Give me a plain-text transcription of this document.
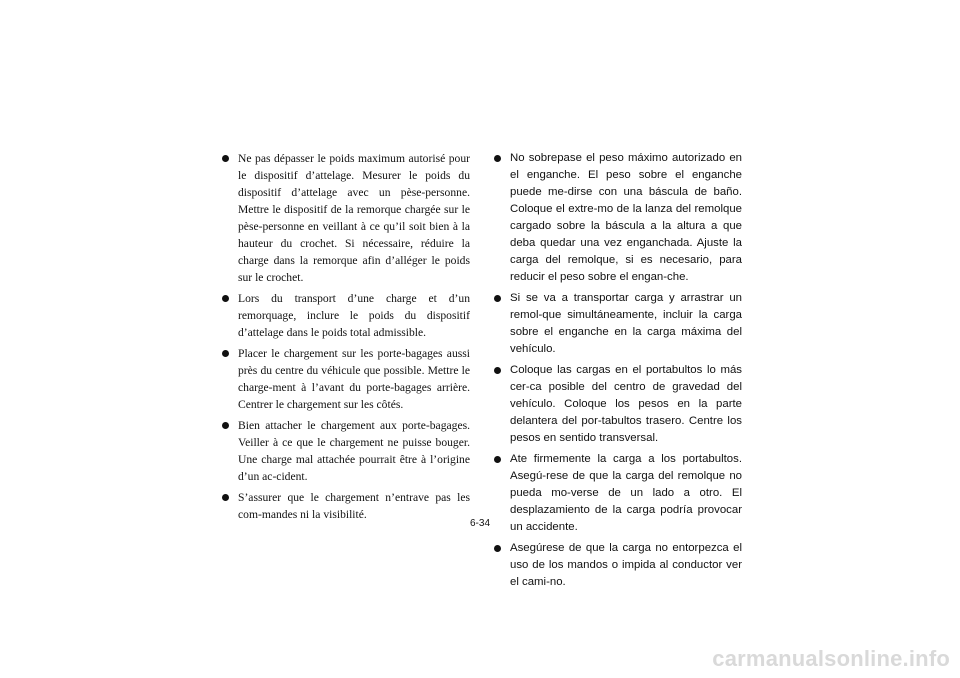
Ne pas dépasser le poids maximum autorisé pour le dispositif d’attelage. Mesurer le poids du dispositif d’attelage avec un pèse-personne. Mettre le dispositif de la remorque chargée sur le pèse-personne en veillant à ce qu’il soit bien à la hauteur du crochet. Si nécessaire, réduire la charge dans la remorque afin d’alléger le poids sur le crochet.
Lors du transport d’une charge et d’un remorquage, inclure le poids du dispositif d’attelage dans le poids total admissible.
Placer le chargement sur les porte-bagages aussi près du centre du véhicule que possible. Mettre le charge-ment à l’avant du porte-bagages arrière. Centrer le chargement sur les côtés.
Bien attacher le chargement aux porte-bagages. Veiller à ce que le chargement ne puisse bouger. Une charge mal attachée pourrait être à l’origine d’un ac-cident.
S’assurer que le chargement n’entrave pas les com-mandes ni la visibilité.
No sobrepase el peso máximo autorizado en el enganche. El peso sobre el enganche puede me-dirse con una báscula de baño. Coloque el extre-mo de la lanza del remolque cargado sobre la báscula a la altura a que deba quedar una vez enganchada. Ajuste la carga del remolque, si es necesario, para reducir el peso sobre el engan-che.
Si se va a transportar carga y arrastrar un remol-que simultáneamente, incluir la carga sobre el enganche en la carga máxima del vehículo.
Coloque las cargas en el portabultos lo más cer-ca posible del centro de gravedad del vehículo. Coloque los pesos en la parte delantera del por-tabultos trasero. Centre los pesos en sentido transversal.
Ate firmemente la carga a los portabultos. Asegú-rese de que la carga del remolque no pueda mo-verse de un lado a otro. El desplazamiento de la carga podría provocar un accidente.
Asegúrese de que la carga no entorpezca el uso de los mandos o impida al conductor ver el cami-no.
6-34
carmanualsonline.info
